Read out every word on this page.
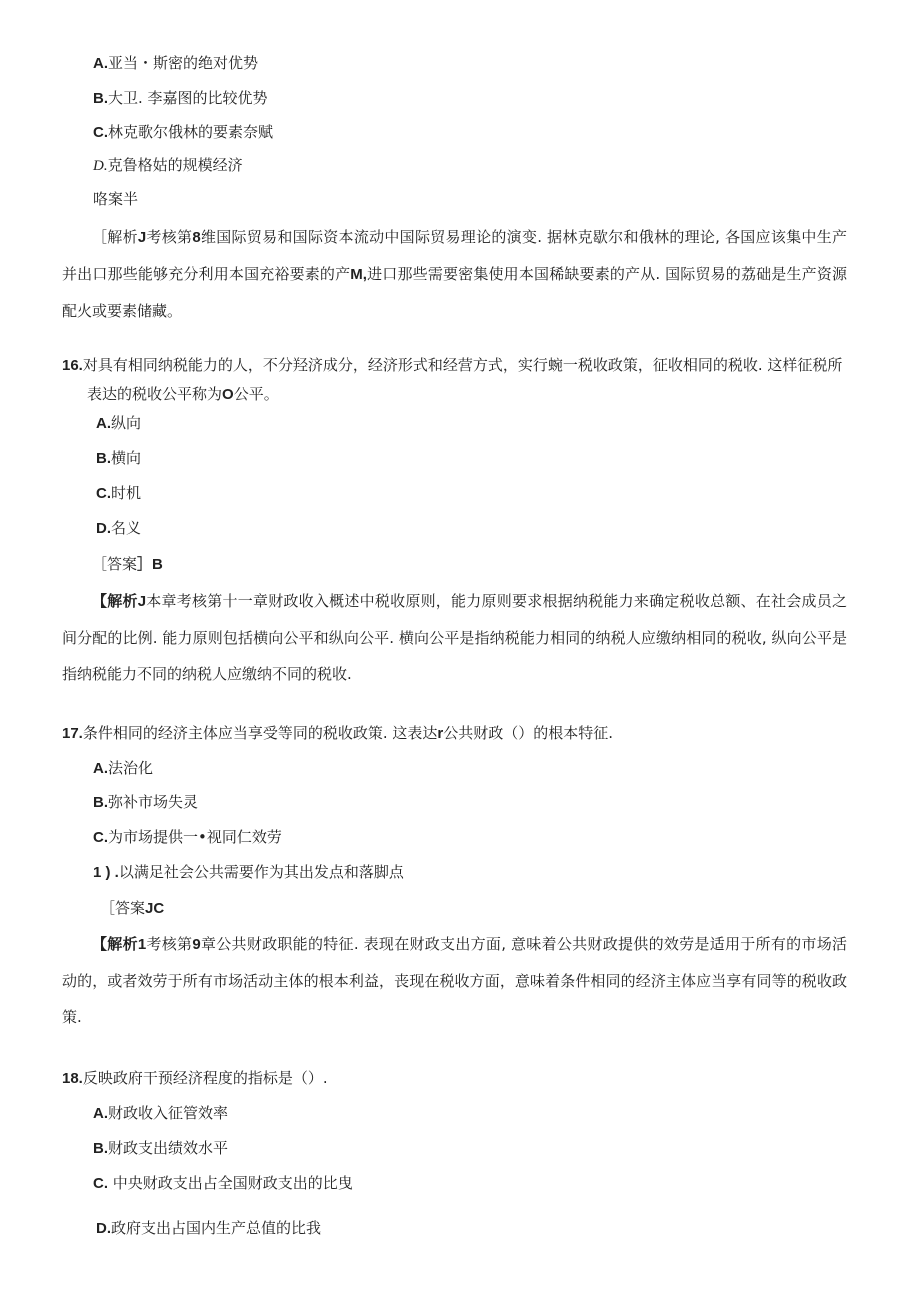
A.亚当・斯密的绝对优势
B.大卫. 李嘉图的比较优势
C.林克歌尔俄林的要素奈赋
D.克鲁格姑的规模经济
咯案半
［解析J考核第8维国际贸易和国际资本流动中国际贸易理论的演变. 据林克歇尔和俄林的理论, 各国应该集中生产并出口那些能够充分利用本国充裕要素的产M,进口那些需要密集使用本国稀缺要素的产从. 国际贸易的荔础是生产资源配火或要素储藏。
16.对具有相同纳税能力的人，不分羟济成分，经济形式和经营方式，实行蜿一税收政策，征收相同的税收. 这样征税所表达的税收公平称为O公平。
A.纵向
B.横向
C.时机
D.名义
［答案］B
【解析J本章考核第十一章财政收入概述中税收原则，能力原则要求根据纳税能力来确定税收总额、在社会成员之间分配的比例. 能力原则包括横向公平和纵向公平. 横向公平是指纳税能力相同的纳税人应缴纳相同的税收, 纵向公平是指纳税能力不同的纳税人应缴纳不同的税收.
17.条件相同的经济主体应当享受等同的税收政策. 这表达r公共财政（）的根本特征.
A.法治化
B.弥补市场失灵
C.为市场提供一•视同仁效劳
1 ) .以满足社会公共需要作为其出发点和落脚点
［答案JC
【解析1考核第9章公共财政职能的特征. 表现在财政支出方面, 意味着公共财政提供的效劳是适用于所有的市场活动的，或者效劳于所有市场活动主体的根本利益，丧现在税收方面，意味着条件相同的经济主体应当享有同等的税收政策.
18.反映政府干预经济程度的指标是（）.
A.财政收入征管效率
B.财政支出绩效水平
C. 中央财政支出占全国财政支出的比曳
D.政府支出占国内生产总值的比我
